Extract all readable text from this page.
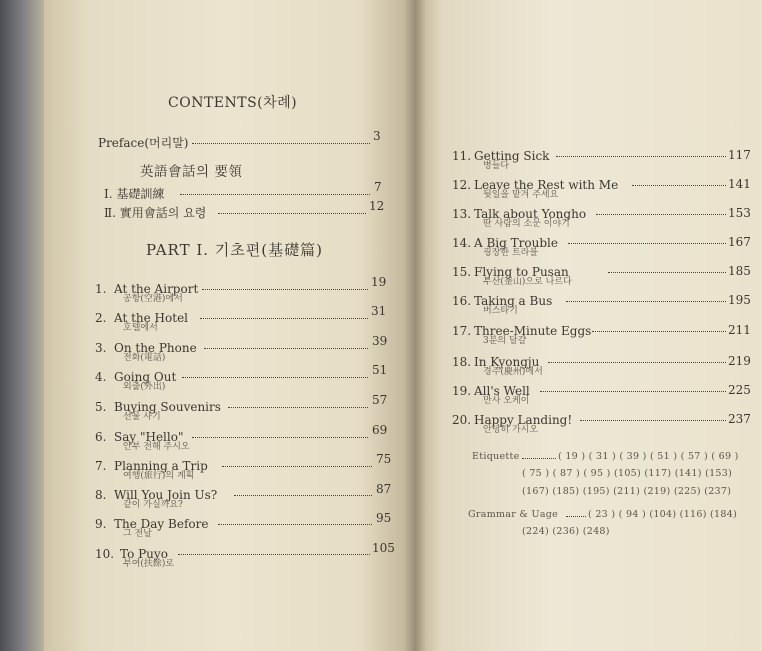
CONTENTS(차례)
Preface(머리말)	3
英語會話의 要領
I. 基礎訓練	7
Ⅱ. 實用會話의 요령	12
PART Ⅰ. 기초편(基礎篇)
1. At the Airport	19
공항(空港)에서
2. At the Hotel	31
호텔에서
3. On the Phone	39
전화(電話)
4. Going Out	51
외출(外出)
5. Buying Souvenirs	57
선물 사기
6. Say "Hello"	69
안부 전해 주시오
7. Planning a Trip	75
여행(旅行)의 계획
8. Will You Join Us?	87
같이 가실까요?
9. The Day Before	95
그 전날
10. To Puyo	105
부여(扶餘)로
11. Getting Sick	117
병들다
12. Leave the Rest with Me	141
뒷일을 맡겨 주세요
13. Talk about Yongho	153
딴 사람의 소문 이야기
14. A Big Trouble	167
굉장한 트라블
15. Flying to Pusan	185
부산(釜山)으로 나르다
16. Taking a Bus	195
버스타기
17. Three-Minute Eggs	211
3분의 달걀
18. In Kyongju	219
경주(慶州)에서
19. All's Well	225
만사 오케이
20. Happy Landing!	237
안녕히 가시오
Etiquette	( 19 ) ( 31 ) ( 39 ) ( 51 ) ( 57 ) ( 69 )
( 75 ) ( 87 ) ( 95 ) (105) (117) (141) (153)
(167) (185) (195) (211) (219) (225) (237)
Grammar & Uage	( 23 ) ( 94 ) (104) (116) (184)
(224) (236) (248)
